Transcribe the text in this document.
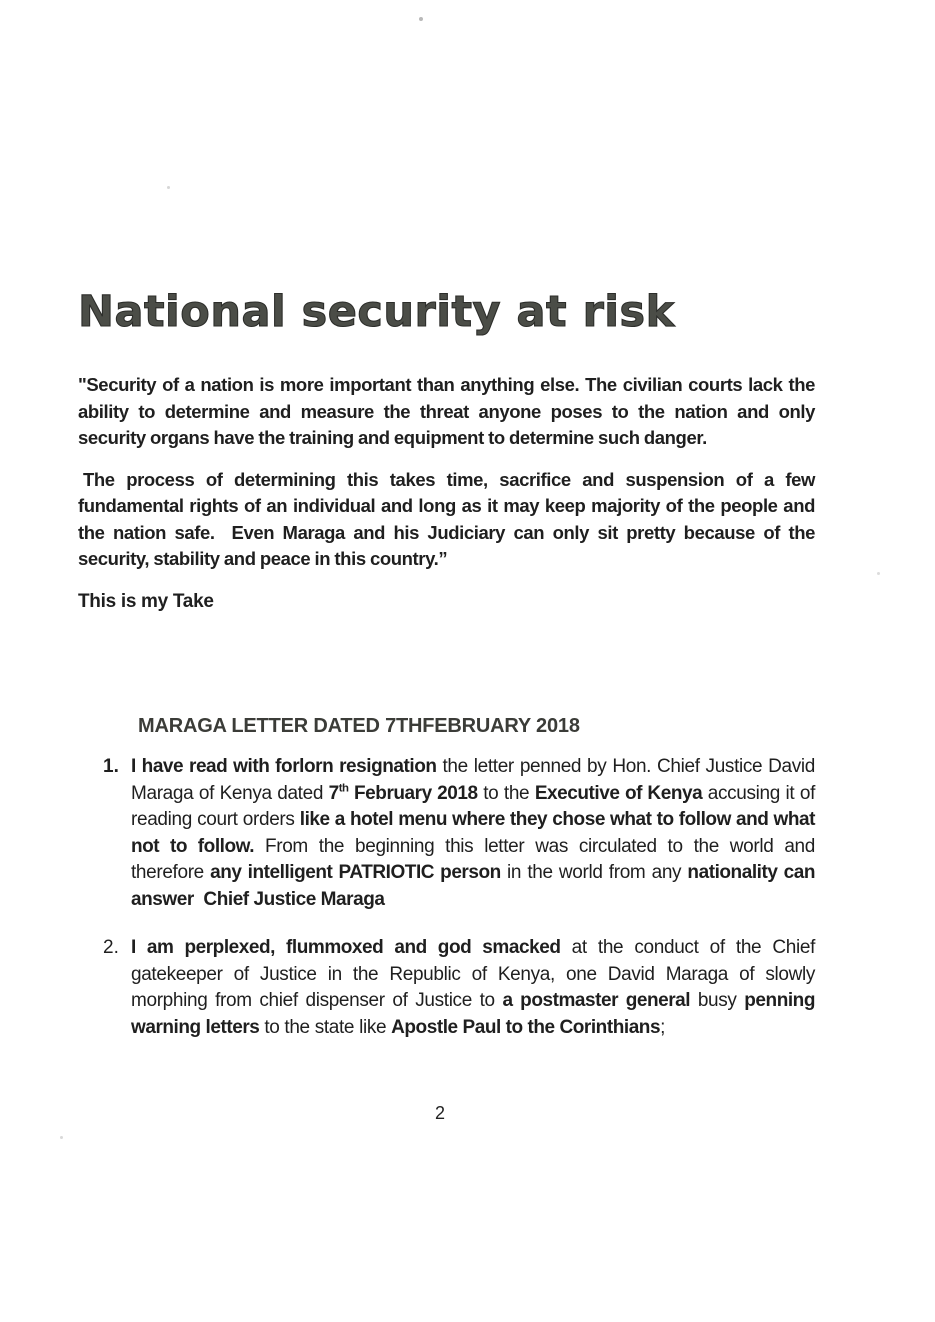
National security at risk

"Security of a nation is more important than anything else. The civilian courts lack the ability to determine and measure the threat anyone poses to the nation and only security organs have the training and equipment to determine such danger.

The process of determining this takes time, sacrifice and suspension of a few fundamental rights of an individual and long as it may keep majority of the people and the nation safe.  Even Maraga and his Judiciary can only sit pretty because of the security, stability and peace in this country.”

This is my Take

MARAGA LETTER DATED 7THFEBRUARY 2018
1. I have read with forlorn resignation the letter penned by Hon. Chief Justice David Maraga of Kenya dated 7th February 2018 to the Executive of Kenya accusing it of reading court orders like a hotel menu where they chose what to follow and what not to follow. From the beginning this letter was circulated to the world and therefore any intelligent PATRIOTIC person in the world from any nationality can answer  Chief Justice Maraga
2. I am perplexed, flummoxed and god smacked at the conduct of the Chief gatekeeper of Justice in the Republic of Kenya, one David Maraga of slowly morphing from chief dispenser of Justice to a postmaster general busy penning warning letters to the state like Apostle Paul to the Corinthians;
2
